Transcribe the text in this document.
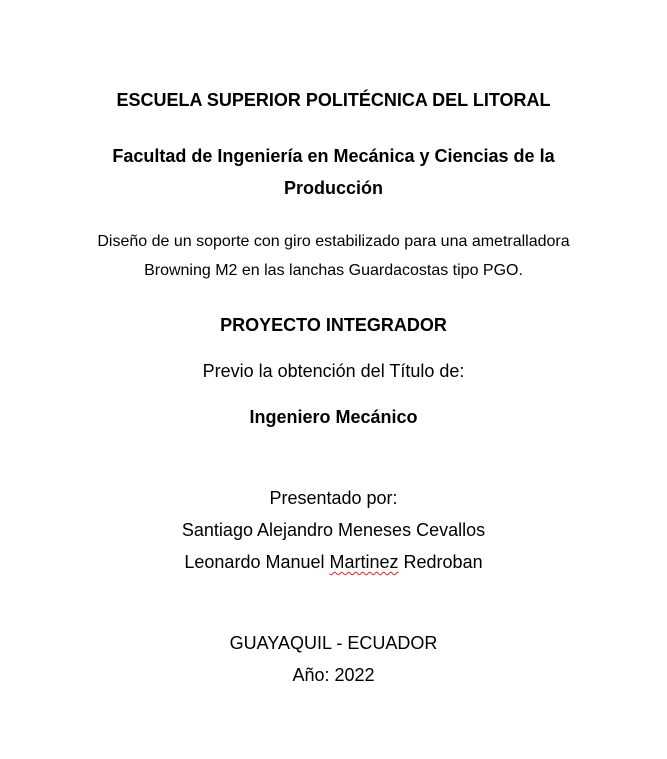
ESCUELA SUPERIOR POLITÉCNICA DEL LITORAL
Facultad de Ingeniería en Mecánica y Ciencias de la
Producción
Diseño de un soporte con giro estabilizado para una ametralladora
Browning M2 en las lanchas Guardacostas tipo PGO.
PROYECTO INTEGRADOR
Previo la obtención del Título de:
Ingeniero Mecánico
Presentado por:
Santiago Alejandro Meneses Cevallos
Leonardo Manuel Martinez Redroban
GUAYAQUIL - ECUADOR
Año: 2022
